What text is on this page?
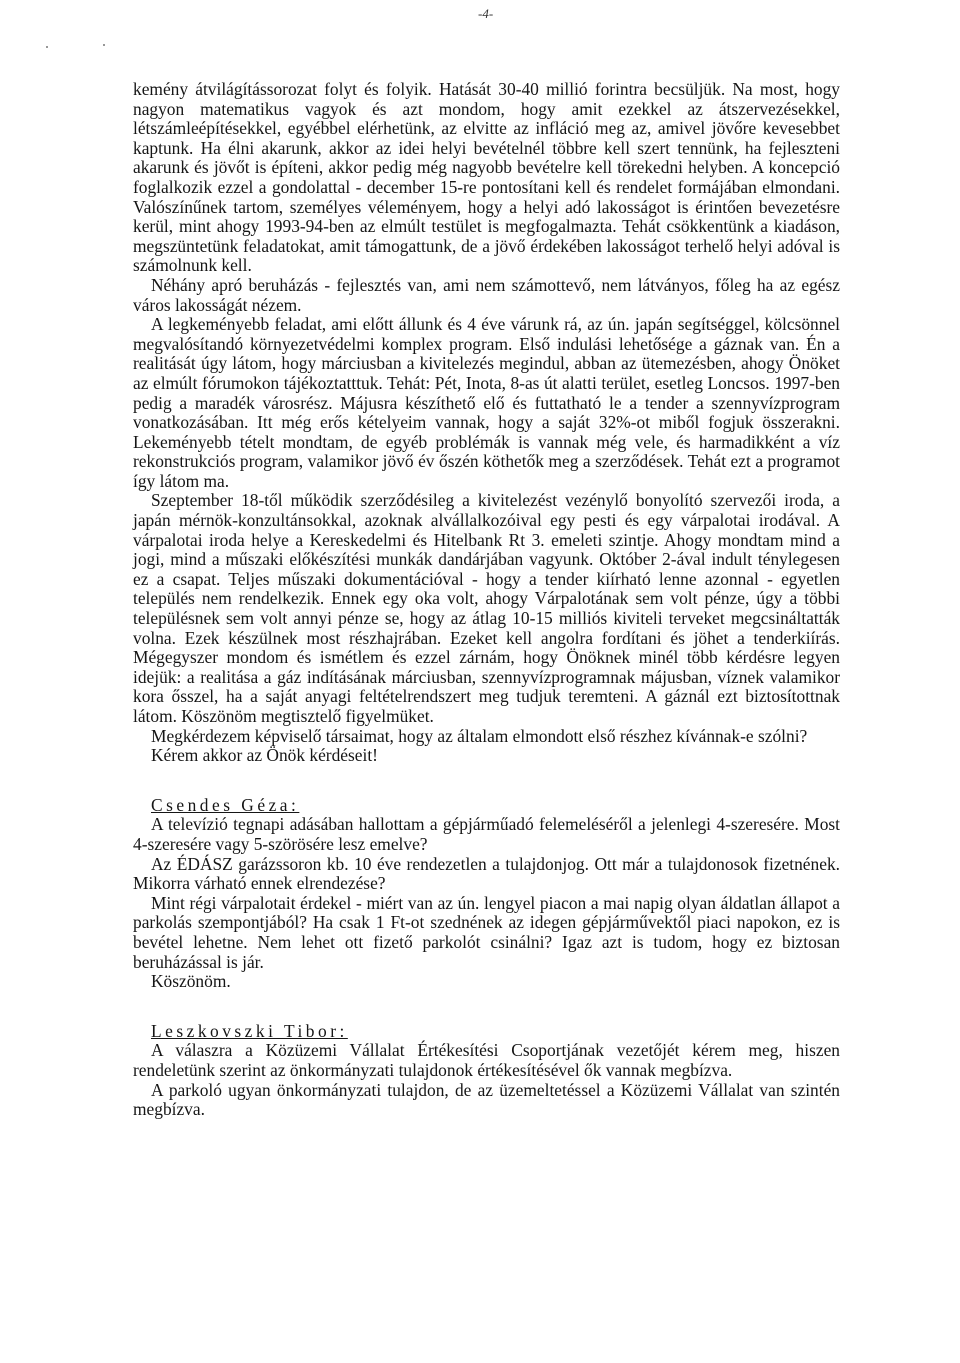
-4-

kemény átvilágítássorozat folyt és folyik. Hatását 30-40 millió forintra becsüljük. Na most, hogy nagyon matematikus vagyok és azt mondom, hogy amit ezekkel az átszervezésekkel, létszámleépítésekkel, egyébbel elérhetünk, az elvitte az infláció meg az, amivel jövőre kevesebbet kaptunk. Ha élni akarunk, akkor az idei helyi bevételnél többre kell szert tennünk, ha fejleszteni akarunk és jövőt is építeni, akkor pedig még nagyobb bevételre kell törekedni helyben. A koncepció foglalkozik ezzel a gondolattal - december 15-re pontosítani kell és rendelet formájában elmondani. Valószínűnek tartom, személyes véleményem, hogy a helyi adó lakosságot is érintően bevezetésre kerül, mint ahogy 1993-94-ben az elmúlt testület is megfogalmazta. Tehát csökkentünk a kiadáson, megszüntetünk feladatokat, amit támogattunk, de a jövő érdekében lakosságot terhelő helyi adóval is számolnunk kell.

Néhány apró beruházás - fejlesztés van, ami nem számottevő, nem látványos, főleg ha az egész város lakosságát nézem.

A legkeményebb feladat, ami előtt állunk és 4 éve várunk rá, az ún. japán segítséggel, kölcsönnel megvalósítandó környezetvédelmi komplex program. Első indulási lehetősége a gáznak van. Én a realitását úgy látom, hogy márciusban a kivitelezés megindul, abban az ütemezésben, ahogy Önöket az elmúlt fórumokon tájékoztatttuk. Tehát: Pét, Inota, 8-as út alatti terület, esetleg Loncsos. 1997-ben pedig a maradék városrész. Májusra készíthető elő és futtatható le a tender a szennyvízprogram vonatkozásában. Itt még erős kételyeim vannak, hogy a saját 32%-ot miből fogjuk összerakni. Lekeményebb tételt mondtam, de egyéb problémák is vannak még vele, és harmadikként a víz rekonstrukciós program, valamikor jövő év őszén köthetők meg a szerződések. Tehát ezt a programot így látom ma.

Szeptember 18-től működik szerződésileg a kivitelezést vezénylő bonyolító szervezői iroda, a japán mérnök-konzultánsokkal, azoknak alvállalkozóival egy pesti és egy várpalotai irodával. A várpalotai iroda helye a Kereskedelmi és Hitelbank Rt 3. emeleti szintje. Ahogy mondtam mind a jogi, mind a műszaki előkészítési munkák dandárjában vagyunk. Október 2-ával indult ténylegesen ez a csapat. Teljes műszaki dokumentációval - hogy a tender kiírható lenne azonnal - egyetlen település nem rendelkezik. Ennek egy oka volt, ahogy Várpalotának sem volt pénze, úgy a többi településnek sem volt annyi pénze se, hogy az átlag 10-15 milliós kiviteli terveket megcsináltatták volna. Ezek készülnek most részhajrában. Ezeket kell angolra fordítani és jöhet a tenderkiírás. Mégegyszer mondom és ismétlem és ezzel zárnám, hogy Önöknek minél több kérdésre legyen idejük: a realitása a gáz indításának márciusban, szennyvízprogramnak májusban, víznek valamikor kora ősszel, ha a saját anyagi feltételrendszert meg tudjuk teremteni. A gáznál ezt biztosítottnak látom. Köszönöm megtisztelő figyelmüket.

Megkérdezem képviselő társaimat, hogy az általam elmondott első részhez kívánnak-e szólni?

Kérem akkor az Önök kérdéseit!

Csendes Géza:

A televízió tegnapi adásában hallottam a gépjárműadó felemeléséről a jelenlegi 4-szeresére. Most 4-szeresére vagy 5-szörösére lesz emelve?

Az ÉDÁSZ garázssoron kb. 10 éve rendezetlen a tulajdonjog. Ott már a tulajdonosok fizetnének. Mikorra várható ennek elrendezése?

Mint régi várpalotait érdekel - miért van az ún. lengyel piacon a mai napig olyan áldatlan állapot a parkolás szempontjából? Ha csak 1 Ft-ot szednének az idegen gépjárművektől piaci napokon, ez is bevétel lehetne. Nem lehet ott fizető parkolót csinálni? Igaz azt is tudom, hogy ez biztosan beruházással is jár.

Köszönöm.

Leszkovszki Tibor:

A válaszra a Közüzemi Vállalat Értékesítési Csoportjának vezetőjét kérem meg, hiszen rendeletünk szerint az önkormányzati tulajdonok értékesítésével ők vannak megbízva.

A parkoló ugyan önkormányzati tulajdon, de az üzemeltetéssel a Közüzemi Vállalat van szintén megbízva.
